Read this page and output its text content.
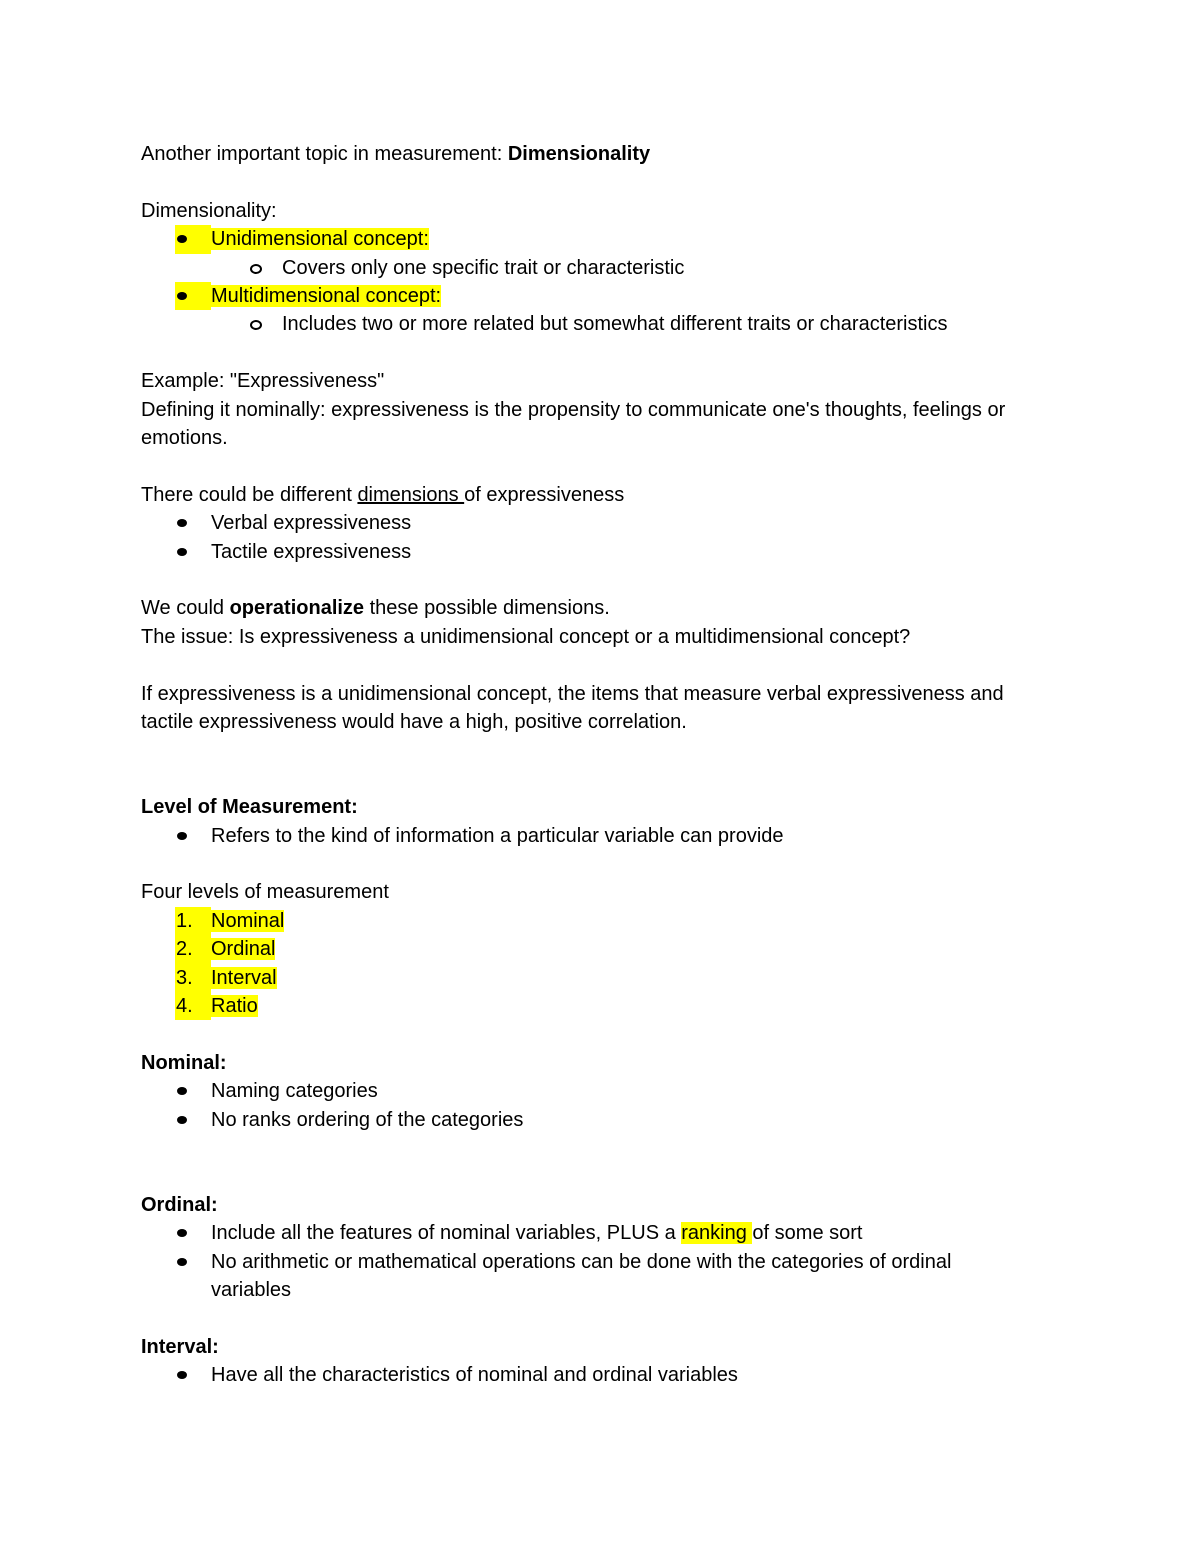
Another important topic in measurement: Dimensionality

Dimensionality:

Unidimensional concept:
Covers only one specific trait or characteristic
Multidimensional concept:
Includes two or more related but somewhat different traits or characteristics

Example: "Expressiveness"

Defining it nominally: expressiveness is the propensity to communicate one's thoughts, feelings or emotions.

There could be different dimensions of expressiveness

Verbal expressiveness
Tactile expressiveness

We could operationalize these possible dimensions.

The issue: Is expressiveness a unidimensional concept or a multidimensional concept?

If expressiveness is a unidimensional concept, the items that measure verbal expressiveness and tactile expressiveness would have a high, positive correlation.

Level of Measurement:

Refers to the kind of information a particular variable can provide

Four levels of measurement

1. Nominal
2. Ordinal
3. Interval
4. Ratio

Nominal:

Naming categories
No ranks ordering of the categories

Ordinal:

Include all the features of nominal variables, PLUS a ranking of some sort
No arithmetic or mathematical operations can be done with the categories of ordinal variables

Interval:

Have all the characteristics of nominal and ordinal variables
